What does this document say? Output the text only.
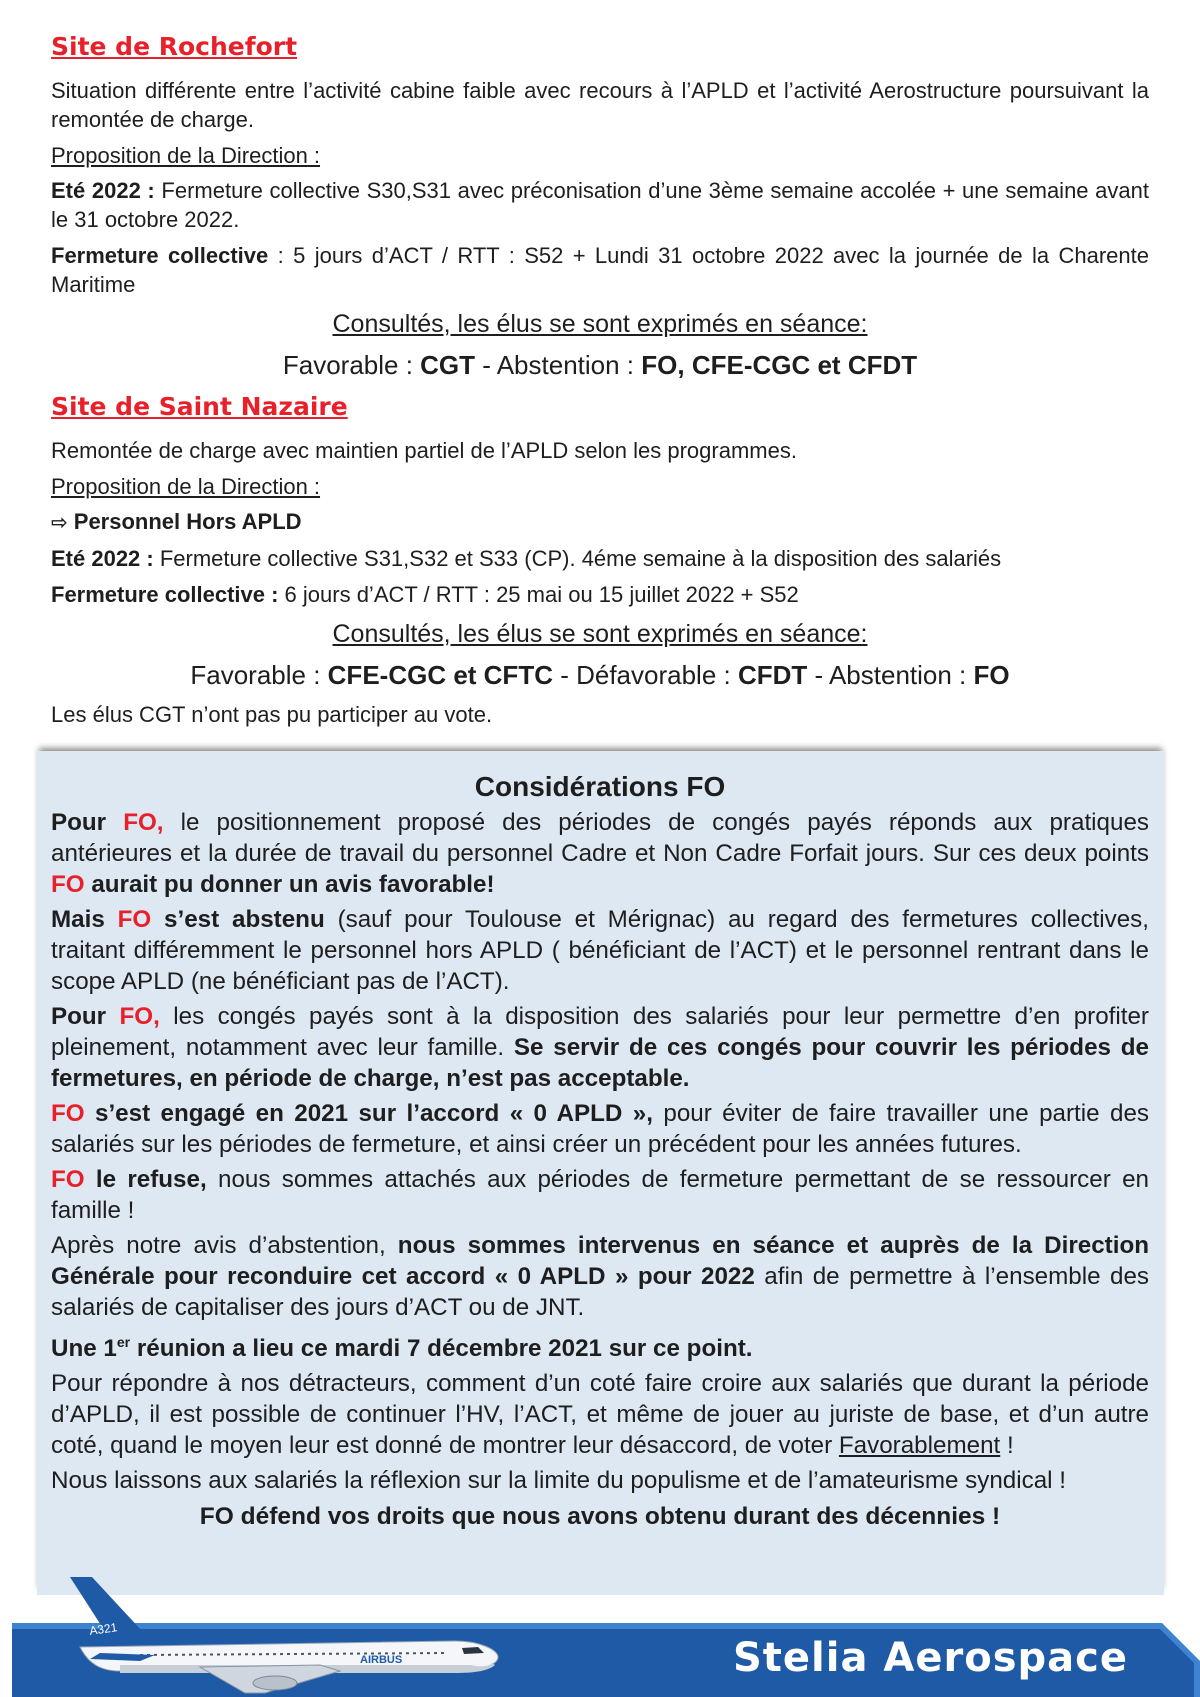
Site de Rochefort

Situation différente entre l’activité cabine faible avec recours à l’APLD et l’activité Aerostructure poursuivant la remontée de charge.

Proposition de la Direction :

Eté 2022 : Fermeture collective S30,S31 avec préconisation d’une 3ème semaine accolée + une semaine avant le 31 octobre 2022.

Fermeture collective : 5 jours d’ACT / RTT : S52 + Lundi 31 octobre 2022 avec la journée de la Charente Maritime

Consultés, les élus se sont exprimés en séance:
Favorable : CGT - Abstention : FO, CFE-CGC et CFDT
Site de Saint Nazaire

Remontée de charge avec maintien partiel de l’APLD selon les programmes.

Proposition de la Direction :

⇨ Personnel Hors APLD

Eté 2022 : Fermeture collective S31,S32 et S33 (CP). 4éme semaine à la disposition des salariés

Fermeture collective : 6 jours d’ACT / RTT : 25 mai ou 15 juillet 2022 + S52

Consultés, les élus se sont exprimés en séance:
Favorable : CFE-CGC et CFTC - Défavorable : CFDT - Abstention : FO

Les élus CGT n’ont pas pu participer au vote.

Considérations FO

Pour FO, le positionnement proposé des périodes de congés payés réponds aux pratiques antérieures et la durée de travail du personnel Cadre et Non Cadre Forfait jours. Sur ces deux points FO aurait pu donner un avis favorable!

Mais FO s’est abstenu (sauf pour Toulouse et Mérignac) au regard des fermetures collectives, traitant différemment le personnel hors APLD ( bénéficiant de l’ACT) et le personnel rentrant dans le scope APLD (ne bénéficiant pas de l’ACT).

Pour FO, les congés payés sont à la disposition des salariés pour leur permettre d’en profiter pleinement, notamment avec leur famille. Se servir de ces congés pour couvrir les périodes de fermetures, en période de charge, n’est pas acceptable.

FO s’est engagé en 2021 sur l’accord « 0 APLD », pour éviter de faire travailler une partie des salariés sur les périodes de fermeture, et ainsi créer un précédent pour les années futures.

FO le refuse, nous sommes attachés aux périodes de fermeture permettant de se ressourcer en famille !

Après notre avis d’abstention, nous sommes intervenus en séance et auprès de la Direction Générale pour reconduire cet accord « 0 APLD » pour 2022 afin de permettre à l’ensemble des salariés de capitaliser des jours d’ACT ou de JNT.

Une 1er réunion a lieu ce mardi 7 décembre 2021 sur ce point.

Pour répondre à nos détracteurs, comment d’un coté faire croire aux salariés que durant la période d’APLD, il est possible de continuer l’HV, l’ACT, et même de jouer au juriste de base, et d’un autre coté, quand le moyen leur est donné de montrer leur désaccord, de voter Favorablement !

Nous laissons aux salariés la réflexion sur la limite du populisme et de l’amateurisme syndical !

FO défend vos droits que nous avons obtenu durant des décennies !
A321
AIRBUS	Stelia Aerospace
